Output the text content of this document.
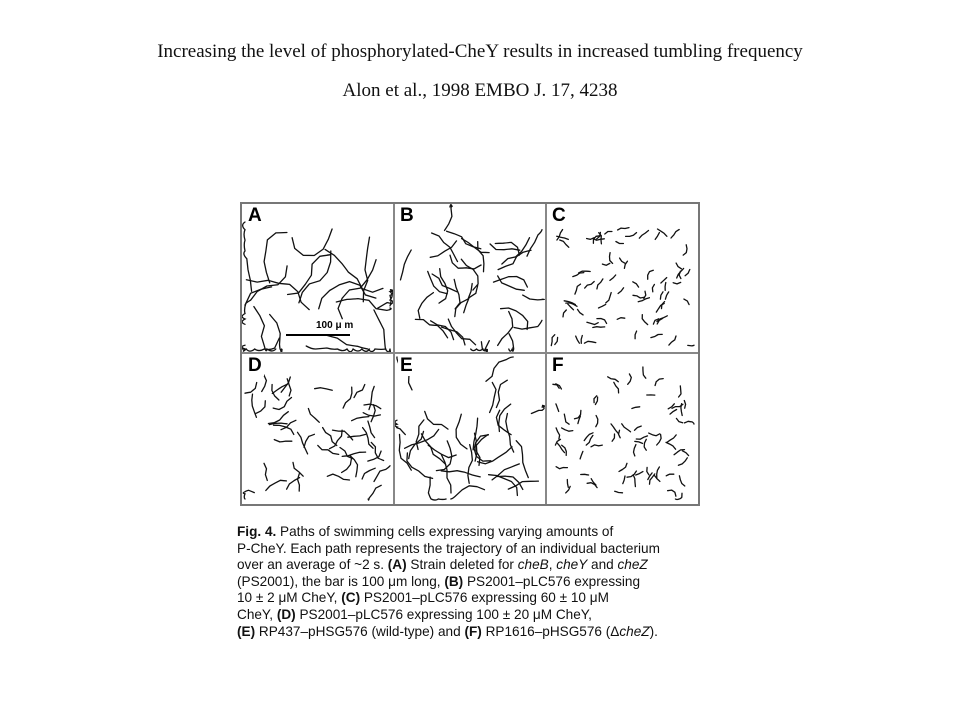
Increasing the level of phosphorylated-CheY results in increased tumbling frequency
Alon et al., 1998 EMBO J. 17, 4238
A
100 μ m
B	C
D	E	F
Fig. 4. Paths of swimming cells expressing varying amounts of
P-CheY. Each path represents the trajectory of an individual bacterium
over an average of ~2 s. (A) Strain deleted for cheB, cheY and cheZ
(PS2001), the bar is 100 μm long, (B) PS2001–pLC576 expressing
10 ± 2 μM CheY, (C) PS2001–pLC576 expressing 60 ± 10 μM
CheY, (D) PS2001–pLC576 expressing 100 ± 20 μM CheY,
(E) RP437–pHSG576 (wild-type) and (F) RP1616–pHSG576 (ΔcheZ).
